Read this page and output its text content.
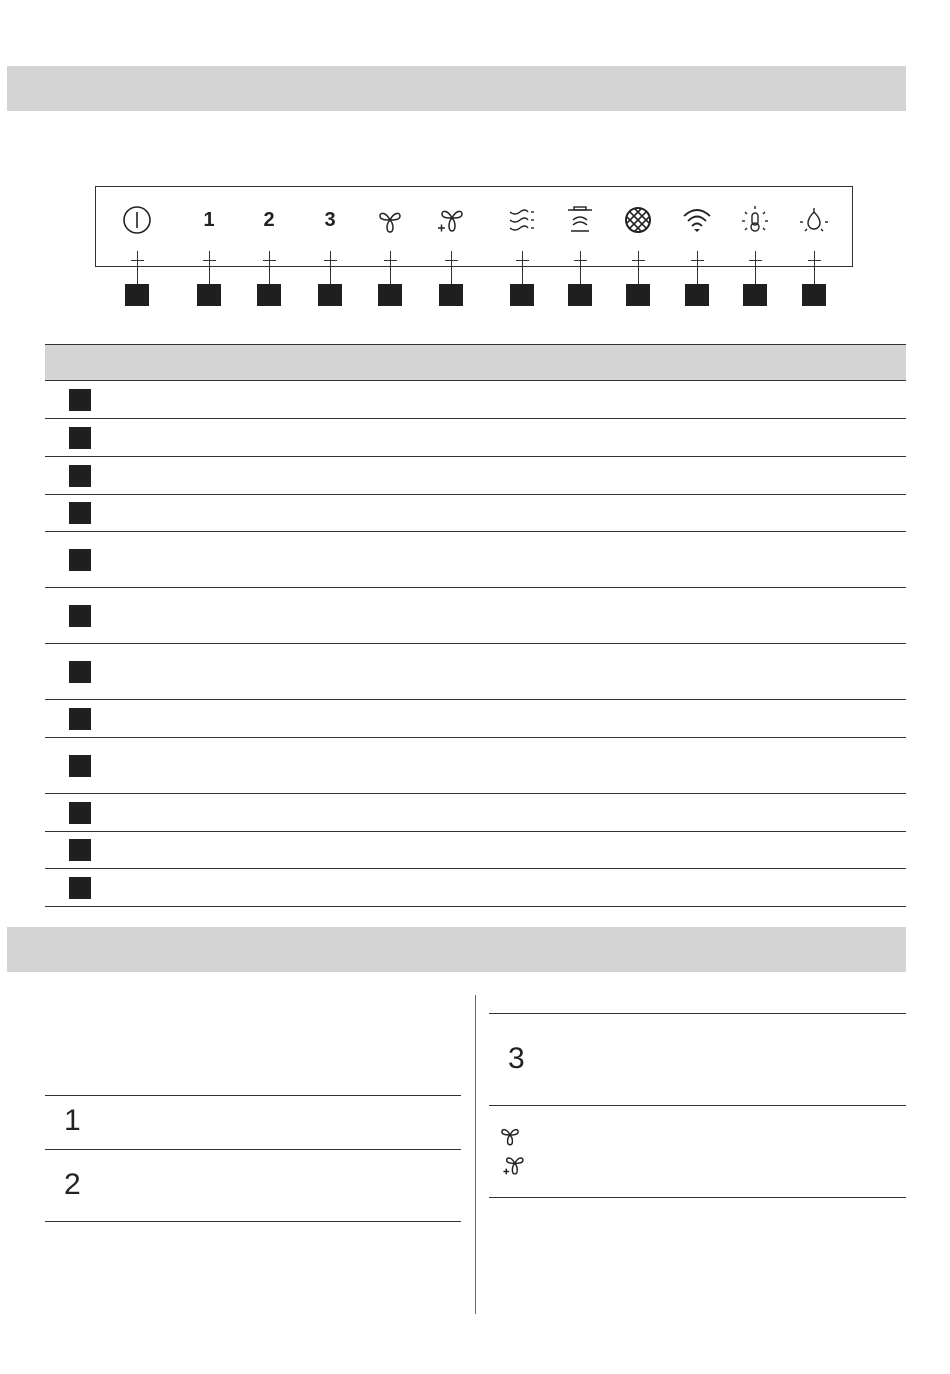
1 2 3
1
2
3
